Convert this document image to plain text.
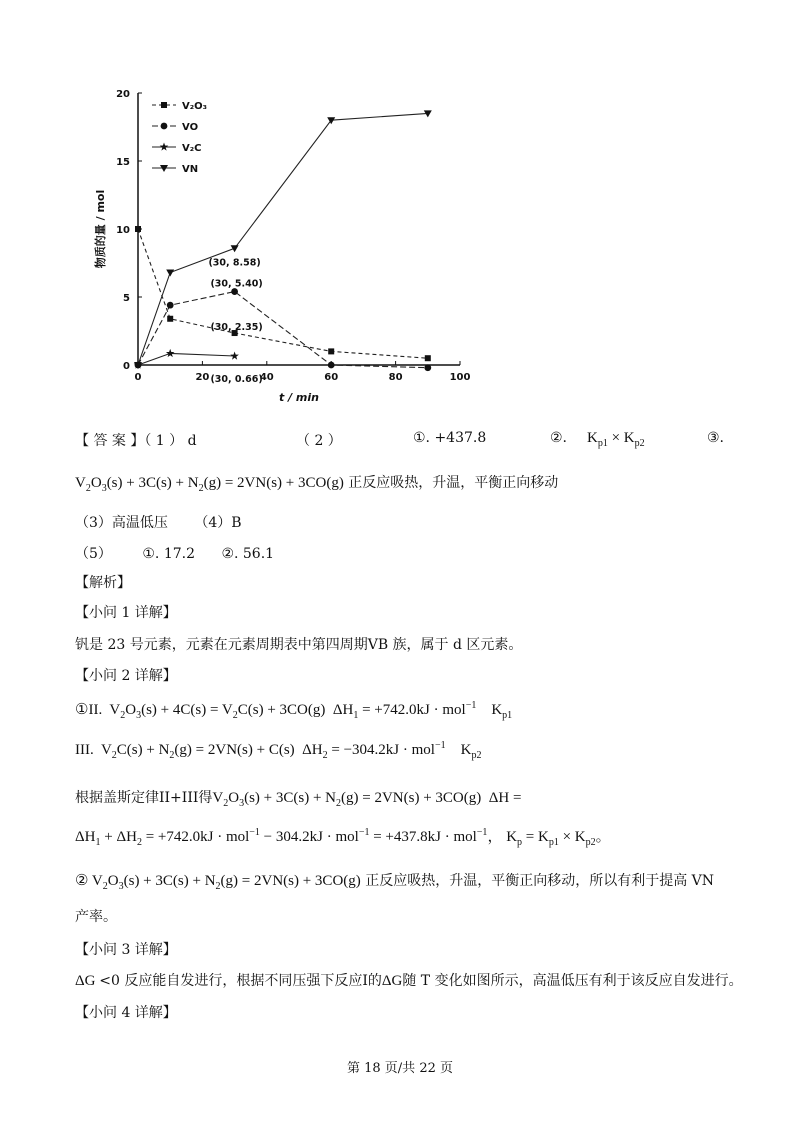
0	20	40	60	80	100
0
5
10
15
20
t / min
物质的量 / mol
V₂O₃
VO
V₂C
VN
(30, 8.58)
(30, 5.40)
(30, 2.35)
(30, 0.66)
【 答 案 】（ 1 ） d	（ 2 ）	①. +437.8	②. $K_{p1} \times K_{p2}$	③.
$V_2O_3(s) + 3C(s) + N_2(g) = 2VN(s) + 3CO(g)$ 正反应吸热，升温，平衡正向移动
（3）高温低压 （4）B
（5） ①. 17.2 ②. 56.1
【解析】
【小问 1 详解】
钒是 23 号元素，元素在元素周期表中第四周期VB 族，属于 d 区元素。
【小问 2 详解】
①II.  $V_2O_3(s) + 4C(s) = V_2C(s) + 3CO(g) \Delta H_1 = +742.0kJ \cdot mol^{-1}$    $K_{p1}$
III.  $V_2C(s) + N_2(g) = 2VN(s) + C(s) \Delta H_2 = -304.2kJ \cdot mol^{-1}$    $K_{p2}$
根据盖斯定律II+III得$V_2O_3(s) + 3C(s) + N_2(g) = 2VN(s) + 3CO(g) \Delta H$ =
$\Delta H_1 + \Delta H_2 = +742.0kJ \cdot mol^{-1} - 304.2kJ \cdot mol^{-1} = +437.8kJ \cdot mol^{-1}$， $K_p = K_{p1} \times K_{p2}$。
② $V_2O_3(s) + 3C(s) + N_2(g) = 2VN(s) + 3CO(g)$ 正反应吸热，升温，平衡正向移动，所以有利于提高 VN
产率。
【小问 3 详解】
ΔG <0 反应能自发进行，根据不同压强下反应I的ΔG随 T 变化如图所示，高温低压有利于该反应自发进行。
【小问 4 详解】
第 18 页/共 22 页
